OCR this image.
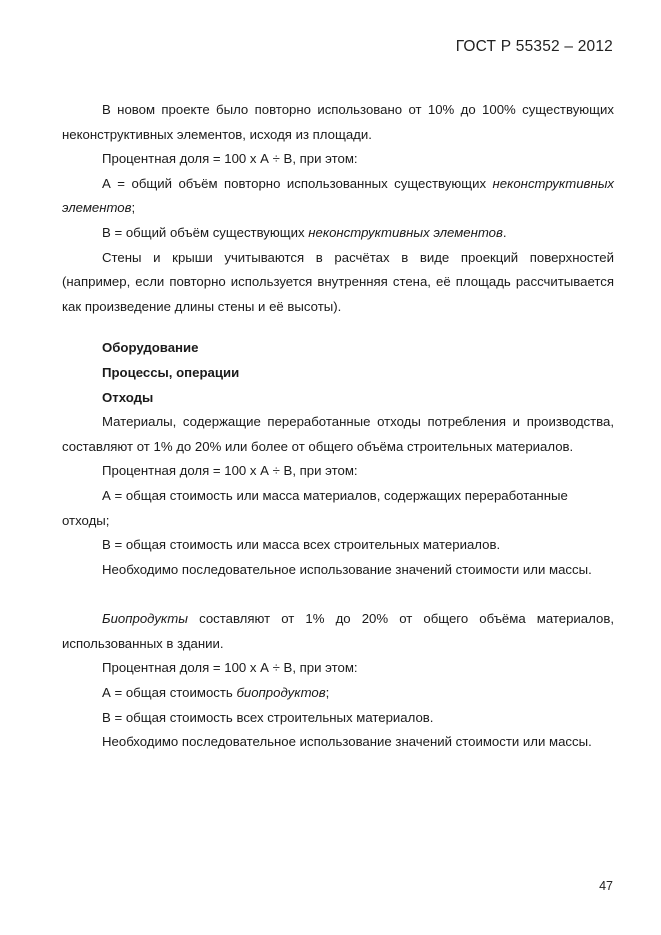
ГОСТ Р 55352 – 2012

В новом проекте было повторно использовано от 10% до 100% существующих неконструктивных элементов, исходя из площади.

Процентная доля = 100 х А ÷ В, при этом:

А = общий объём повторно использованных существующих неконструктивных элементов;

В = общий объём существующих неконструктивных элементов.

Стены и крыши учитываются в расчётах в виде проекций поверхностей (например, если повторно используется внутренняя стена, её площадь рассчитывается как произведение длины стены и её высоты).

Оборудование

Процессы, операции

Отходы

Материалы, содержащие переработанные отходы потребления и производства, составляют от 1% до 20% или более от общего объёма строительных материалов.

Процентная доля = 100 х А ÷ В, при этом:

А = общая стоимость или масса материалов, содержащих переработанные отходы;

В = общая стоимость или масса всех строительных материалов.

Необходимо последовательное использование значений стоимости или массы.

Биопродукты составляют от 1% до 20% от общего объёма материалов, использованных в здании.

Процентная доля = 100 х А ÷ В, при этом:

А = общая стоимость биопродуктов;

В = общая стоимость всех строительных материалов.

Необходимо последовательное использование значений стоимости или массы.

47
